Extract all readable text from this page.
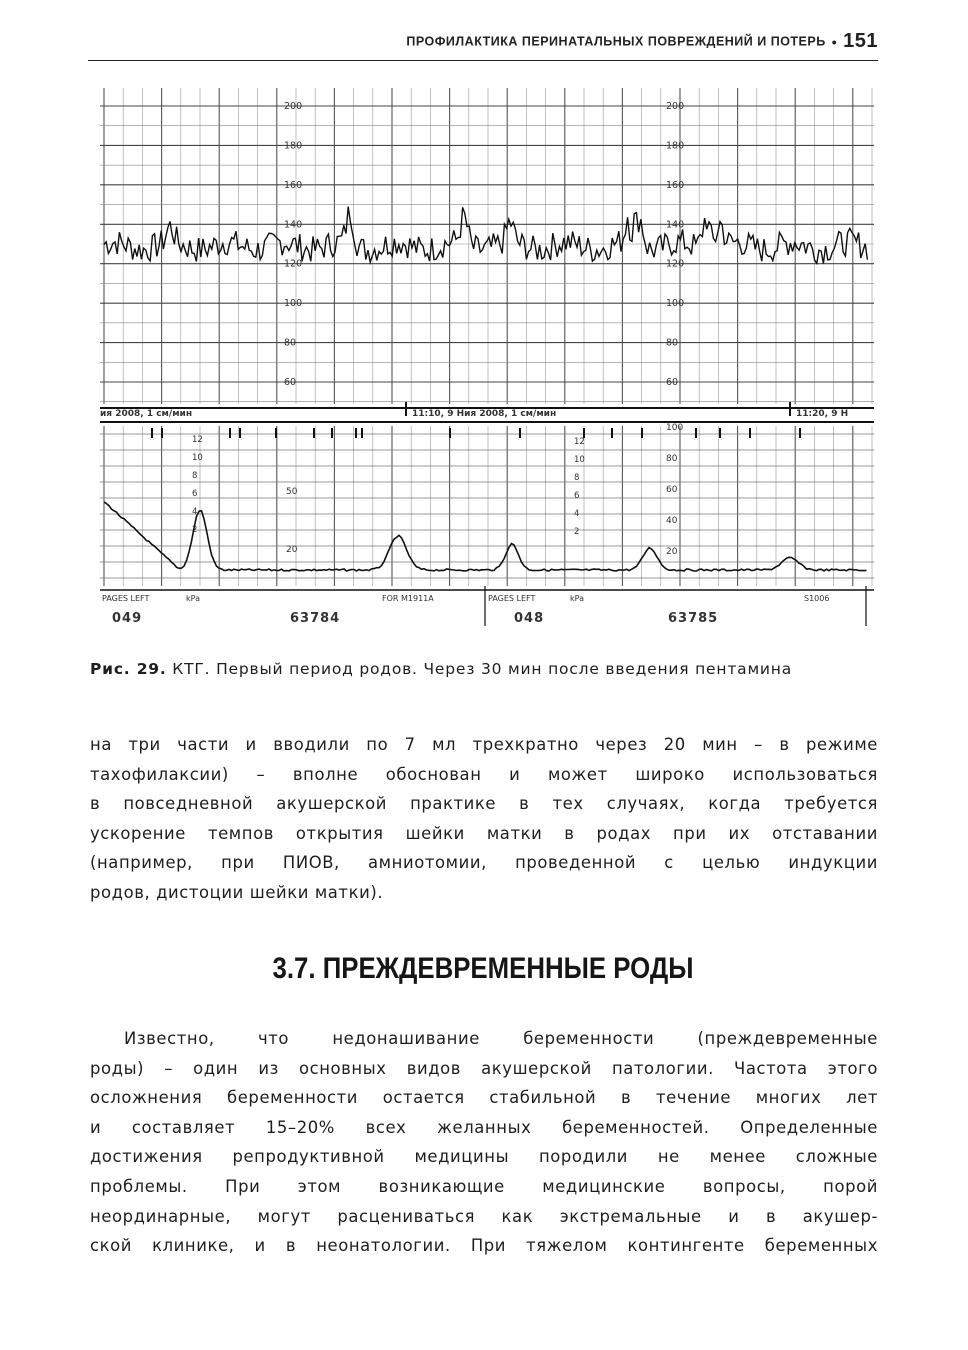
ПРОФИЛАКТИКА ПЕРИНАТАЛЬНЫХ ПОВРЕЖДЕНИЙ И ПОТЕРЬ • 151
200
180
160
140
120
100
80
60
200
180
160
140
120
100
80
60
12
10
8
6
4
2
12
10
8
6
4
2
100
80
60
40
20
50
20
ия 2008, 1 см/мин	11:10, 9 Ния 2008, 1 см/мин	11:20, 9 Н
PAGES LEFT	kPa	FOR M1911A	PAGES LEFT	kPa	S1006
049	63784	048	63785
Рис. 29. КТГ. Первый период родов. Через 30 мин после введения пентамина
на три части и вводили по 7 мл трехкратно через 20 мин – в режиме
тахофилаксии) – вполне обоснован и может широко использоваться
в повседневной акушерской практике в тех случаях, когда требуется
ускорение темпов открытия шейки матки в родах при их отставании
(например, при ПИОВ, амниотомии, проведенной с целью индукции
родов, дистоции шейки матки).
3.7. ПРЕЖДЕВРЕМЕННЫЕ РОДЫ
Известно, что недонашивание беременности (преждевременные
роды) – один из основных видов акушерской патологии. Частота этого
осложнения беременности остается стабильной в течение многих лет
и составляет 15–20% всех желанных беременностей. Определенные
достижения репродуктивной медицины породили не менее сложные
проблемы. При этом возникающие медицинские вопросы, порой
неординарные, могут расцениваться как экстремальные и в акушер-
ской клинике, и в неонатологии. При тяжелом контингенте беременных
